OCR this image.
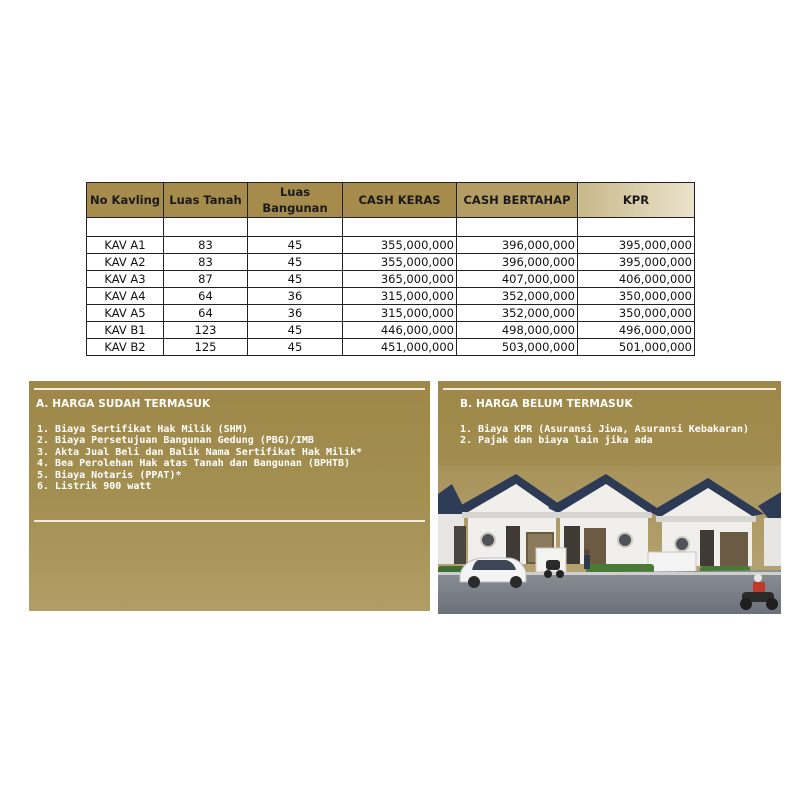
No Kavling	Luas Tanah	Luas Bangunan	CASH KERAS	CASH BERTAHAP	KPR

KAV A1	83	45	355,000,000	396,000,000	395,000,000
KAV A2	83	45	355,000,000	396,000,000	395,000,000
KAV A3	87	45	365,000,000	407,000,000	406,000,000
KAV A4	64	36	315,000,000	352,000,000	350,000,000
KAV A5	64	36	315,000,000	352,000,000	350,000,000
KAV B1	123	45	446,000,000	498,000,000	496,000,000
KAV B2	125	45	451,000,000	503,000,000	501,000,000
A. HARGA SUDAH TERMASUK
1. Biaya Sertifikat Hak Milik (SHM)
2. Biaya Persetujuan Bangunan Gedung (PBG)/IMB
3. Akta Jual Beli dan Balik Nama Sertifikat Hak Milik*
4. Bea Perolehan Hak atas Tanah dan Bangunan (BPHTB)
5. Biaya Notaris (PPAT)*
6. Listrik 900 watt
B. HARGA BELUM TERMASUK
1. Biaya KPR (Asuransi Jiwa, Asuransi Kebakaran)
2. Pajak dan biaya lain jika ada
